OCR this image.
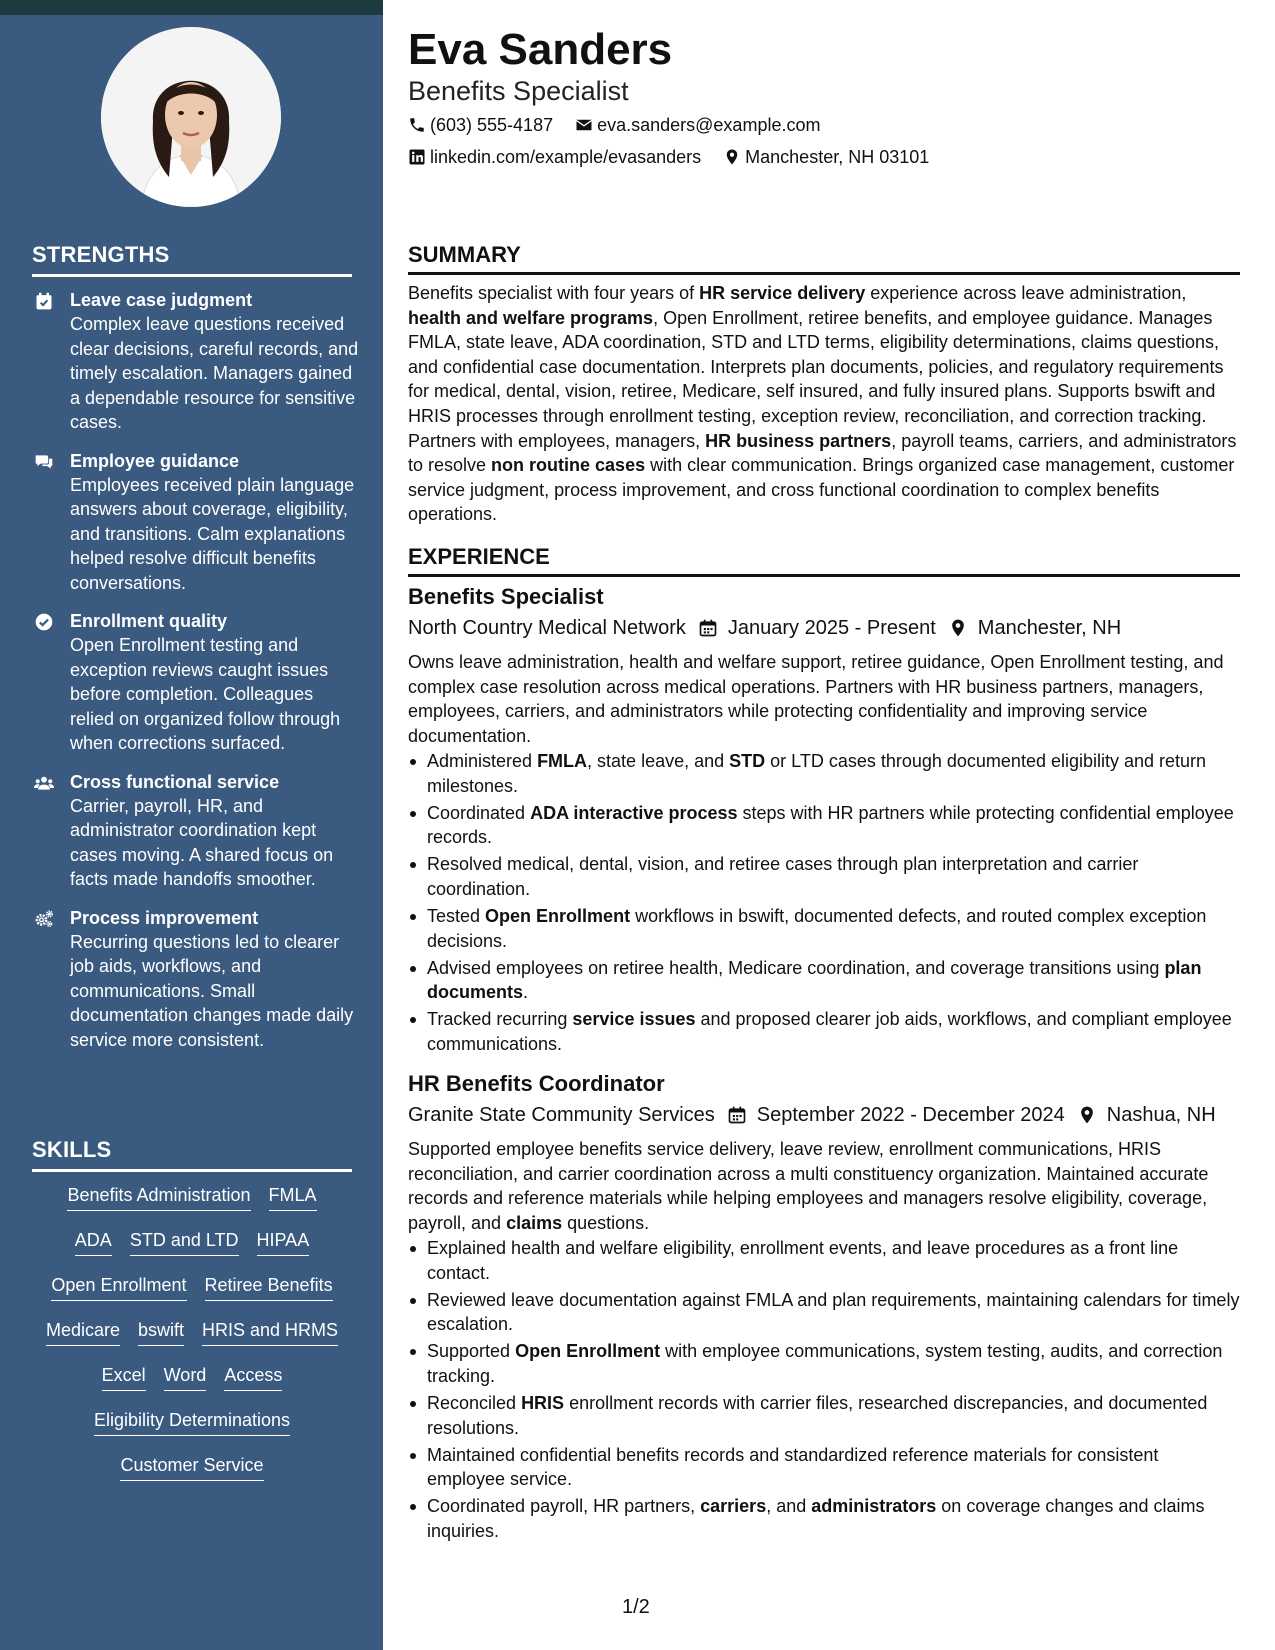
STRENGTHS
Leave case judgment
Complex leave questions received clear decisions, careful records, and timely escalation. Managers gained a dependable resource for sensitive cases.
Employee guidance
Employees received plain language answers about coverage, eligibility, and transitions. Calm explanations helped resolve difficult benefits conversations.
Enrollment quality
Open Enrollment testing and exception reviews caught issues before completion. Colleagues relied on organized follow through when corrections surfaced.
Cross functional service
Carrier, payroll, HR, and administrator coordination kept cases moving. A shared focus on facts made handoffs smoother.
Process improvement
Recurring questions led to clearer job aids, workflows, and communications. Small documentation changes made daily service more consistent.
SKILLS
Benefits Administration FMLA
ADA STD and LTD HIPAA
Open Enrollment Retiree Benefits
Medicare bswift HRIS and HRMS
Excel Word Access
Eligibility Determinations
Customer Service
Eva Sanders
Benefits Specialist
(603) 555-4187 eva.sanders@example.com
linkedin.com/example/evasanders Manchester, NH 03101
SUMMARY
Benefits specialist with four years of HR service delivery experience across leave administration, health and welfare programs, Open Enrollment, retiree benefits, and employee guidance. Manages FMLA, state leave, ADA coordination, STD and LTD terms, eligibility determinations, claims questions, and confidential case documentation. Interprets plan documents, policies, and regulatory requirements for medical, dental, vision, retiree, Medicare, self insured, and fully insured plans. Supports bswift and HRIS processes through enrollment testing, exception review, reconciliation, and correction tracking. Partners with employees, managers, HR business partners, payroll teams, carriers, and administrators to resolve non routine cases with clear communication. Brings organized case management, customer service judgment, process improvement, and cross functional coordination to complex benefits operations.
EXPERIENCE
Benefits Specialist
North Country Medical Network January 2025 - Present Manchester, NH
Owns leave administration, health and welfare support, retiree guidance, Open Enrollment testing, and complex case resolution across medical operations. Partners with HR business partners, managers, employees, carriers, and administrators while protecting confidentiality and improving service documentation.
Administered FMLA, state leave, and STD or LTD cases through documented eligibility and return milestones.
Coordinated ADA interactive process steps with HR partners while protecting confidential employee records.
Resolved medical, dental, vision, and retiree cases through plan interpretation and carrier coordination.
Tested Open Enrollment workflows in bswift, documented defects, and routed complex exception decisions.
Advised employees on retiree health, Medicare coordination, and coverage transitions using plan documents.
Tracked recurring service issues and proposed clearer job aids, workflows, and compliant employee communications.
HR Benefits Coordinator
Granite State Community Services September 2022 - December 2024 Nashua, NH
Supported employee benefits service delivery, leave review, enrollment communications, HRIS reconciliation, and carrier coordination across a multi constituency organization. Maintained accurate records and reference materials while helping employees and managers resolve eligibility, coverage, payroll, and claims questions.
Explained health and welfare eligibility, enrollment events, and leave procedures as a front line contact.
Reviewed leave documentation against FMLA and plan requirements, maintaining calendars for timely escalation.
Supported Open Enrollment with employee communications, system testing, audits, and correction tracking.
Reconciled HRIS enrollment records with carrier files, researched discrepancies, and documented resolutions.
Maintained confidential benefits records and standardized reference materials for consistent employee service.
Coordinated payroll, HR partners, carriers, and administrators on coverage changes and claims inquiries.
1/2
